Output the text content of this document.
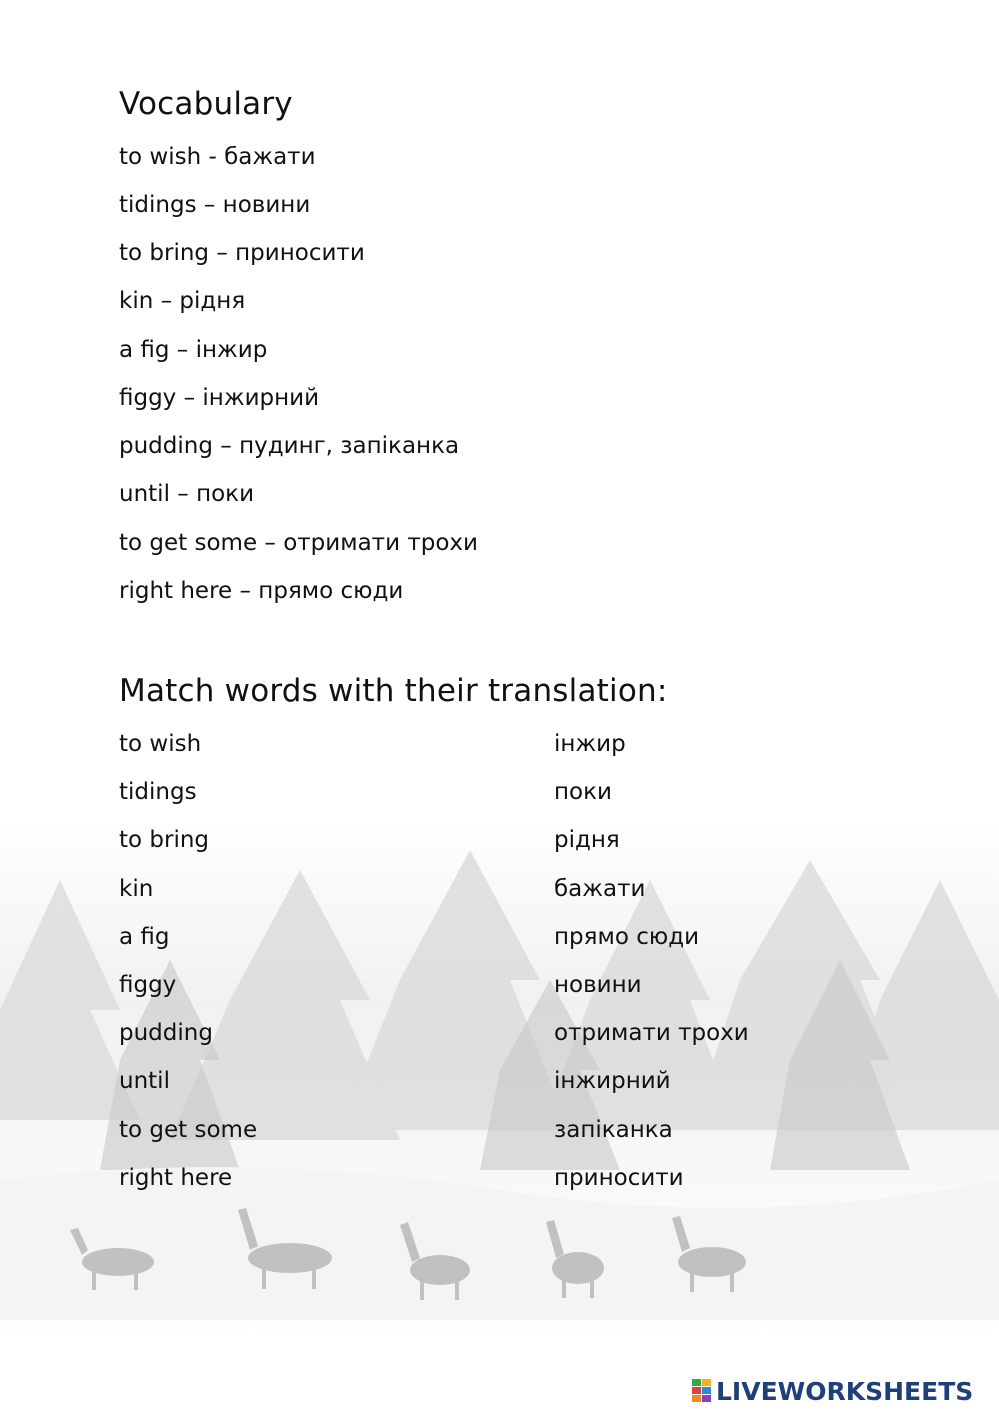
Vocabulary
to wish - бажати
tidings – новини
to bring – приносити
kin – рідня
a fig – інжир
figgy – інжирний
pudding – пудинг, запіканка
until – поки
to get some – отримати трохи
right here – прямо сюди
Match words with their translation:
to wish
tidings
to bring
kin
a fig
figgy
pudding
until
to get some
right here
інжир
поки
рідня
бажати
прямо сюди
новини
отримати трохи
інжирний
запіканка
приносити
LIVEWORKSHEETS
